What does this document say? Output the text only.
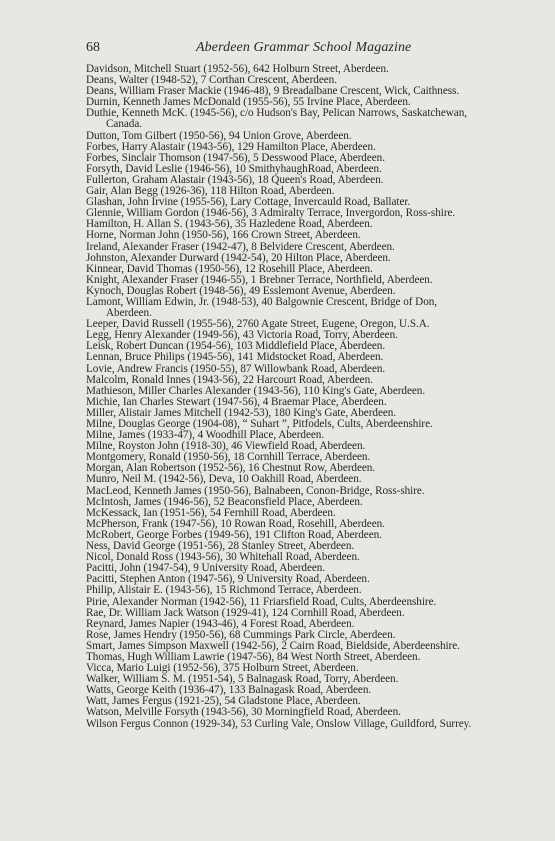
68	Aberdeen Grammar School Magazine
Davidson, Mitchell Stuart (1952-56), 642 Holburn Street, Aberdeen.
Deans, Walter (1948-52), 7 Corthan Crescent, Aberdeen.
Deans, William Fraser Mackie (1946-48), 9 Breadalbane Crescent, Wick, Caithness.
Durnin, Kenneth James McDonald (1955-56), 55 Irvine Place, Aberdeen.
Duthie, Kenneth McK. (1945-56), c/o Hudson's Bay, Pelican Narrows, Saskatchewan, Canada.
Dutton, Tom Gilbert (1950-56), 94 Union Grove, Aberdeen.
Forbes, Harry Alastair (1943-56), 129 Hamilton Place, Aberdeen.
Forbes, Sinclair Thomson (1947-56), 5 Desswood Place, Aberdeen.
Forsyth, David Leslie (1946-56), 10 SmithyhaughRoad, Aberdeen.
Fullerton, Graham Alastair (1943-56), 18 Queen's Road, Aberdeen.
Gair, Alan Begg (1926-36), 118 Hilton Road, Aberdeen.
Glashan, John Irvine (1955-56), Lary Cottage, Invercauld Road, Ballater.
Glennie, William Gordon (1946-56), 3 Admiralty Terrace, Invergordon, Ross-shire.
Hamilton, H. Allan S. (1943-56), 35 Hazledene Road, Aberdeen.
Horne, Norman John (1950-56), 166 Crown Street, Aberdeen.
Ireland, Alexander Fraser (1942-47), 8 Belvidere Crescent, Aberdeen.
Johnston, Alexander Durward (1942-54), 20 Hilton Place, Aberdeen.
Kinnear, David Thomas (1950-56), 12 Rosehill Place, Aberdeen.
Knight, Alexander Fraser (1946-55), 1 Brebner Terrace, Northfield, Aberdeen.
Kynoch, Douglas Robert (1948-56), 49 Esslemont Avenue, Aberdeen.
Lamont, William Edwin, Jr. (1948-53), 40 Balgownie Crescent, Bridge of Don, Aberdeen.
Leeper, David Russell (1955-56), 2760 Agate Street, Eugene, Oregon, U.S.A.
Legg, Henry Alexander (1949-56), 43 Victoria Road, Torry, Aberdeen.
Leisk, Robert Duncan (1954-56), 103 Middlefield Place, Aberdeen.
Lennan, Bruce Philips (1945-56), 141 Midstocket Road, Aberdeen.
Lovie, Andrew Francis (1950-55), 87 Willowbank Road, Aberdeen.
Malcolm, Ronald Innes (1943-56), 22 Harcourt Road, Aberdeen.
Mathieson, Miller Charles Alexander (1943-56), 110 King's Gate, Aberdeen.
Michie, Ian Charles Stewart (1947-56), 4 Braemar Place, Aberdeen.
Miller, Alistair James Mitchell (1942-53), 180 King's Gate, Aberdeen.
Milne, Douglas George (1904-08), “ Suhart ”, Pitfodels, Cults, Aberdeenshire.
Milne, James (1933-47), 4 Woodhill Place, Aberdeen.
Milne, Royston John (1918-30), 46 Viewfield Road, Aberdeen.
Montgomery, Ronald (1950-56), 18 Cornhill Terrace, Aberdeen.
Morgan, Alan Robertson (1952-56), 16 Chestnut Row, Aberdeen.
Munro, Neil M. (1942-56), Deva, 10 Oakhill Road, Aberdeen.
MacLeod, Kenneth James (1950-56), Balnabeen, Conon-Bridge, Ross-shire.
McIntosh, James (1946-56), 52 Beaconsfield Place, Aberdeen.
McKessack, Ian (1951-56), 54 Fernhill Road, Aberdeen.
McPherson, Frank (1947-56), 10 Rowan Road, Rosehill, Aberdeen.
McRobert, George Forbes (1949-56), 191 Clifton Road, Aberdeen.
Ness, David George (1951-56), 28 Stanley Street, Aberdeen.
Nicol, Donald Ross (1943-56), 30 Whitehall Road, Aberdeen.
Pacitti, John (1947-54), 9 University Road, Aberdeen.
Pacitti, Stephen Anton (1947-56), 9 University Road, Aberdeen.
Philip, Alistair E. (1943-56), 15 Richmond Terrace, Aberdeen.
Pirie, Alexander Norman (1942-56), 11 Friarsfield Road, Cults, Aberdeenshire.
Rae, Dr. William Jack Watson (1929-41), 124 Cornhill Road, Aberdeen.
Reynard, James Napier (1943-46), 4 Forest Road, Aberdeen.
Rose, James Hendry (1950-56), 68 Cummings Park Circle, Aberdeen.
Smart, James Simpson Maxwell (1942-56), 2 Cairn Road, Bieldside, Aberdeenshire.
Thomas, Hugh William Lawrie (1947-56), 84 West North Street, Aberdeen.
Vicca, Mario Luigi (1952-56), 375 Holburn Street, Aberdeen.
Walker, William S. M. (1951-54), 5 Balnagask Road, Torry, Aberdeen.
Watts, George Keith (1936-47), 133 Balnagask Road, Aberdeen.
Watt, James Fergus (1921-25), 54 Gladstone Place, Aberdeen.
Watson, Melville Forsyth (1943-56), 30 Morningfield Road, Aberdeen.
Wilson Fergus Connon (1929-34), 53 Curling Vale, Onslow Village, Guildford, Surrey.
